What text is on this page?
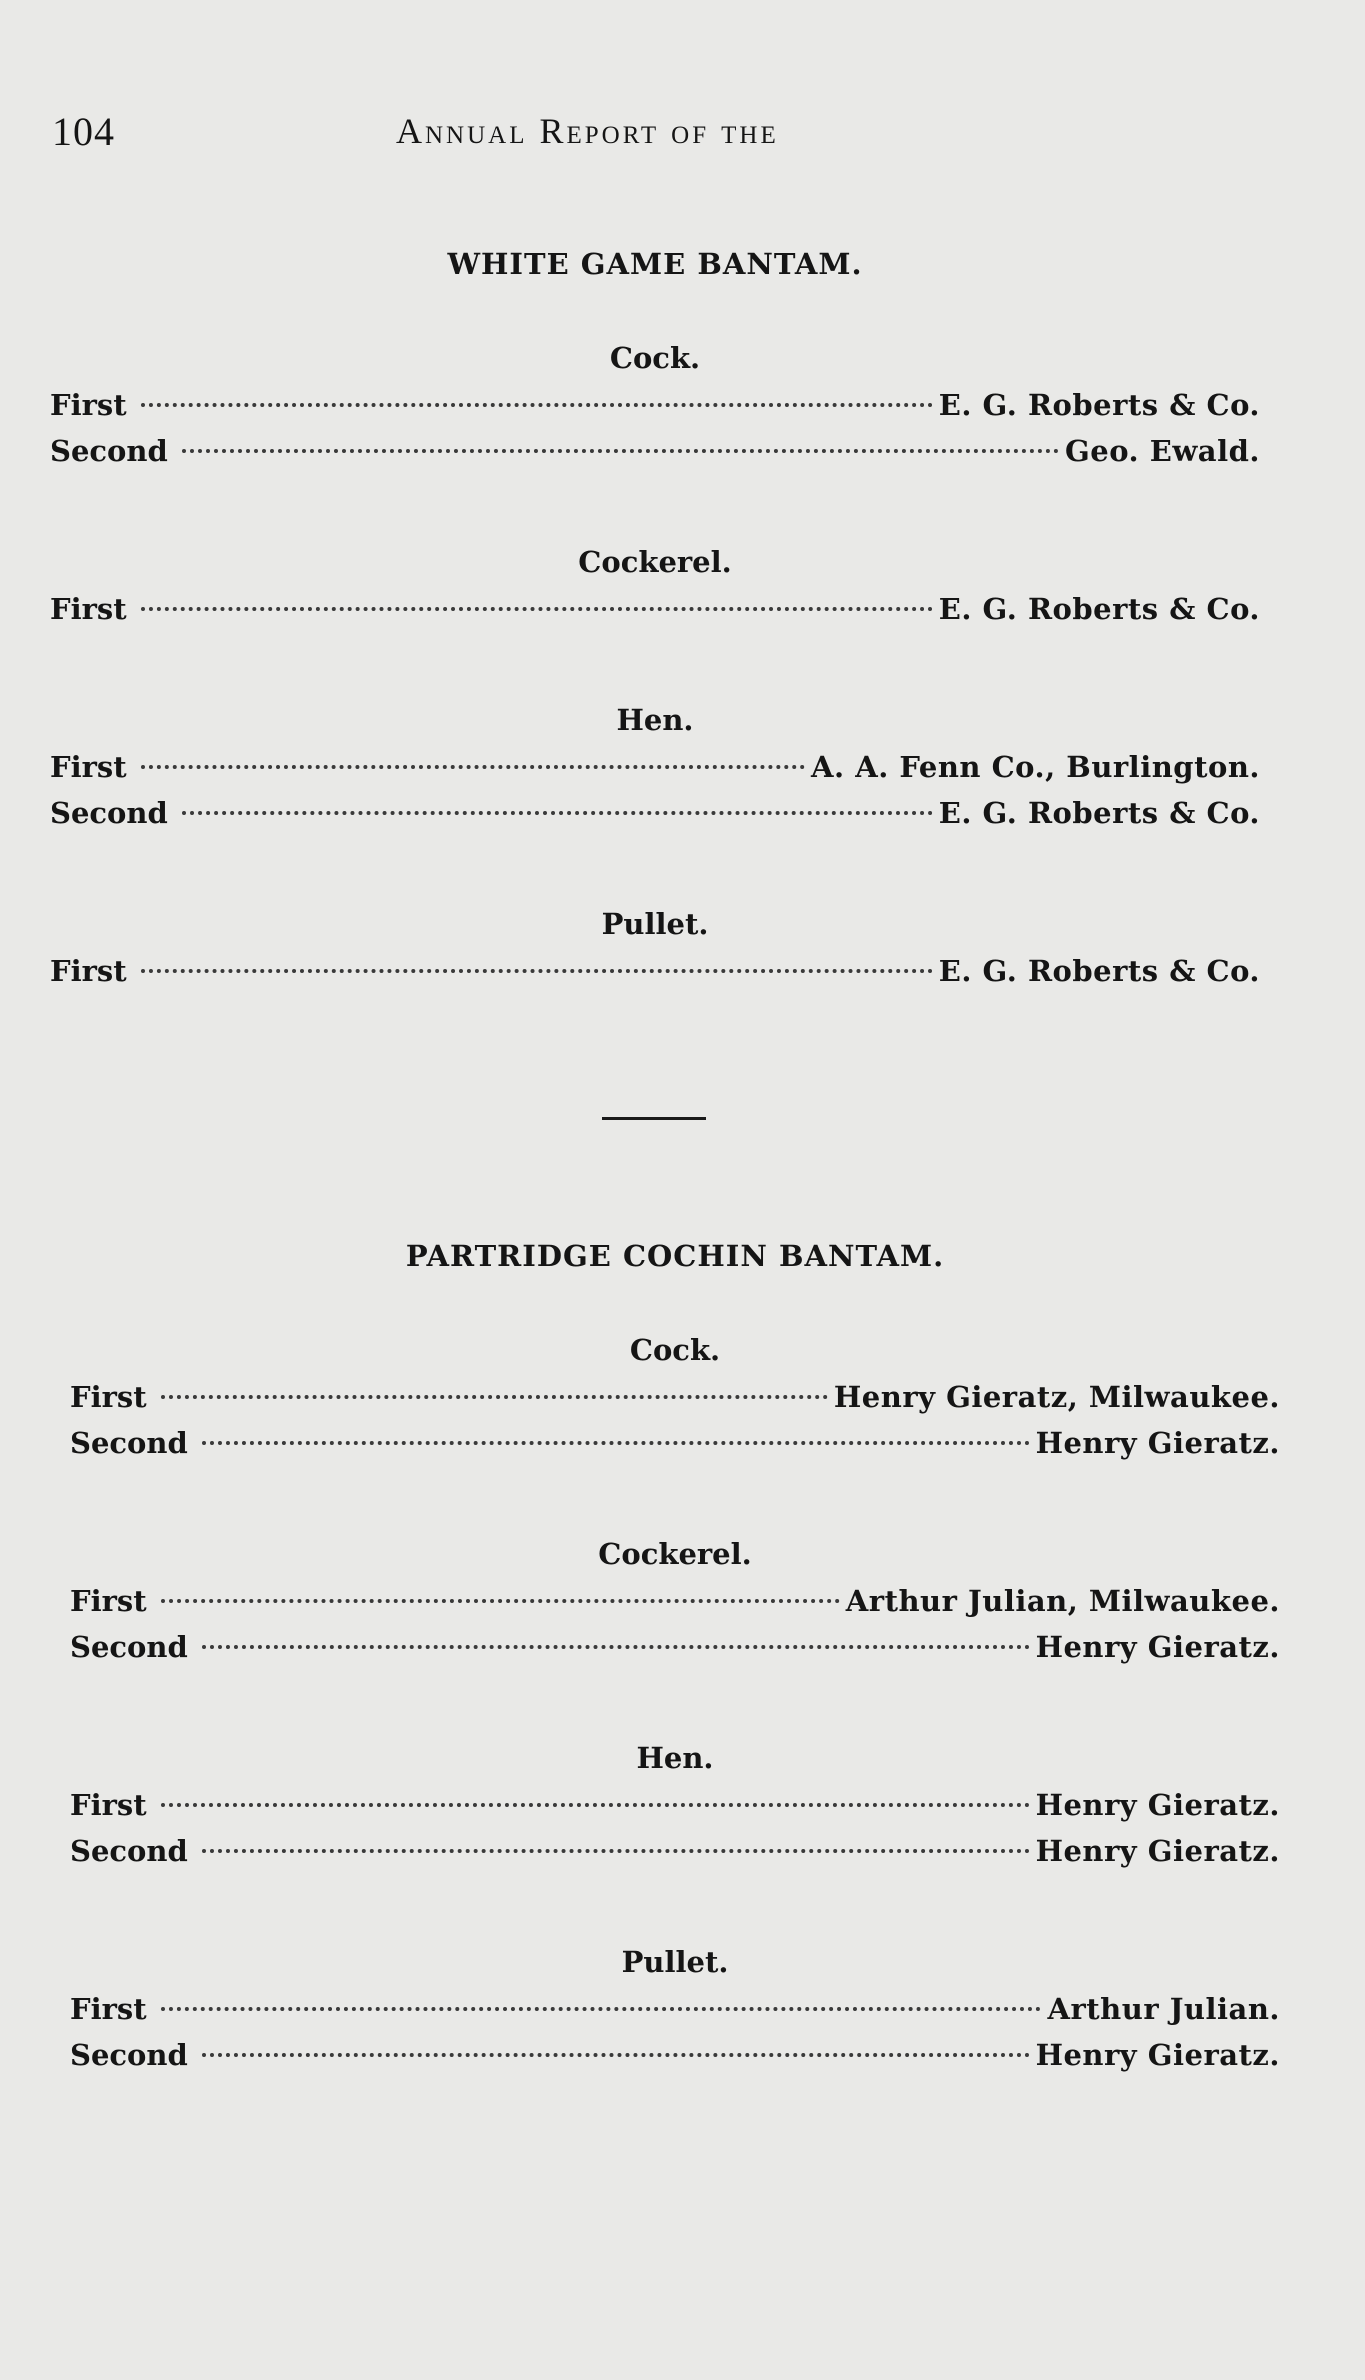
104	Annual Report of the
WHITE GAME BANTAM.
Cock.
First	E. G. Roberts & Co.
Second	Geo. Ewald.
Cockerel.
First	E. G. Roberts & Co.
Hen.
First	A. A. Fenn Co., Burlington.
Second	E. G. Roberts & Co.
Pullet.
First	E. G. Roberts & Co.
PARTRIDGE COCHIN BANTAM.
Cock.
First	Henry Gieratz, Milwaukee.
Second	Henry Gieratz.
Cockerel.
First	Arthur Julian, Milwaukee.
Second	Henry Gieratz.
Hen.
First	Henry Gieratz.
Second	Henry Gieratz.
Pullet.
First	Arthur Julian.
Second	Henry Gieratz.
